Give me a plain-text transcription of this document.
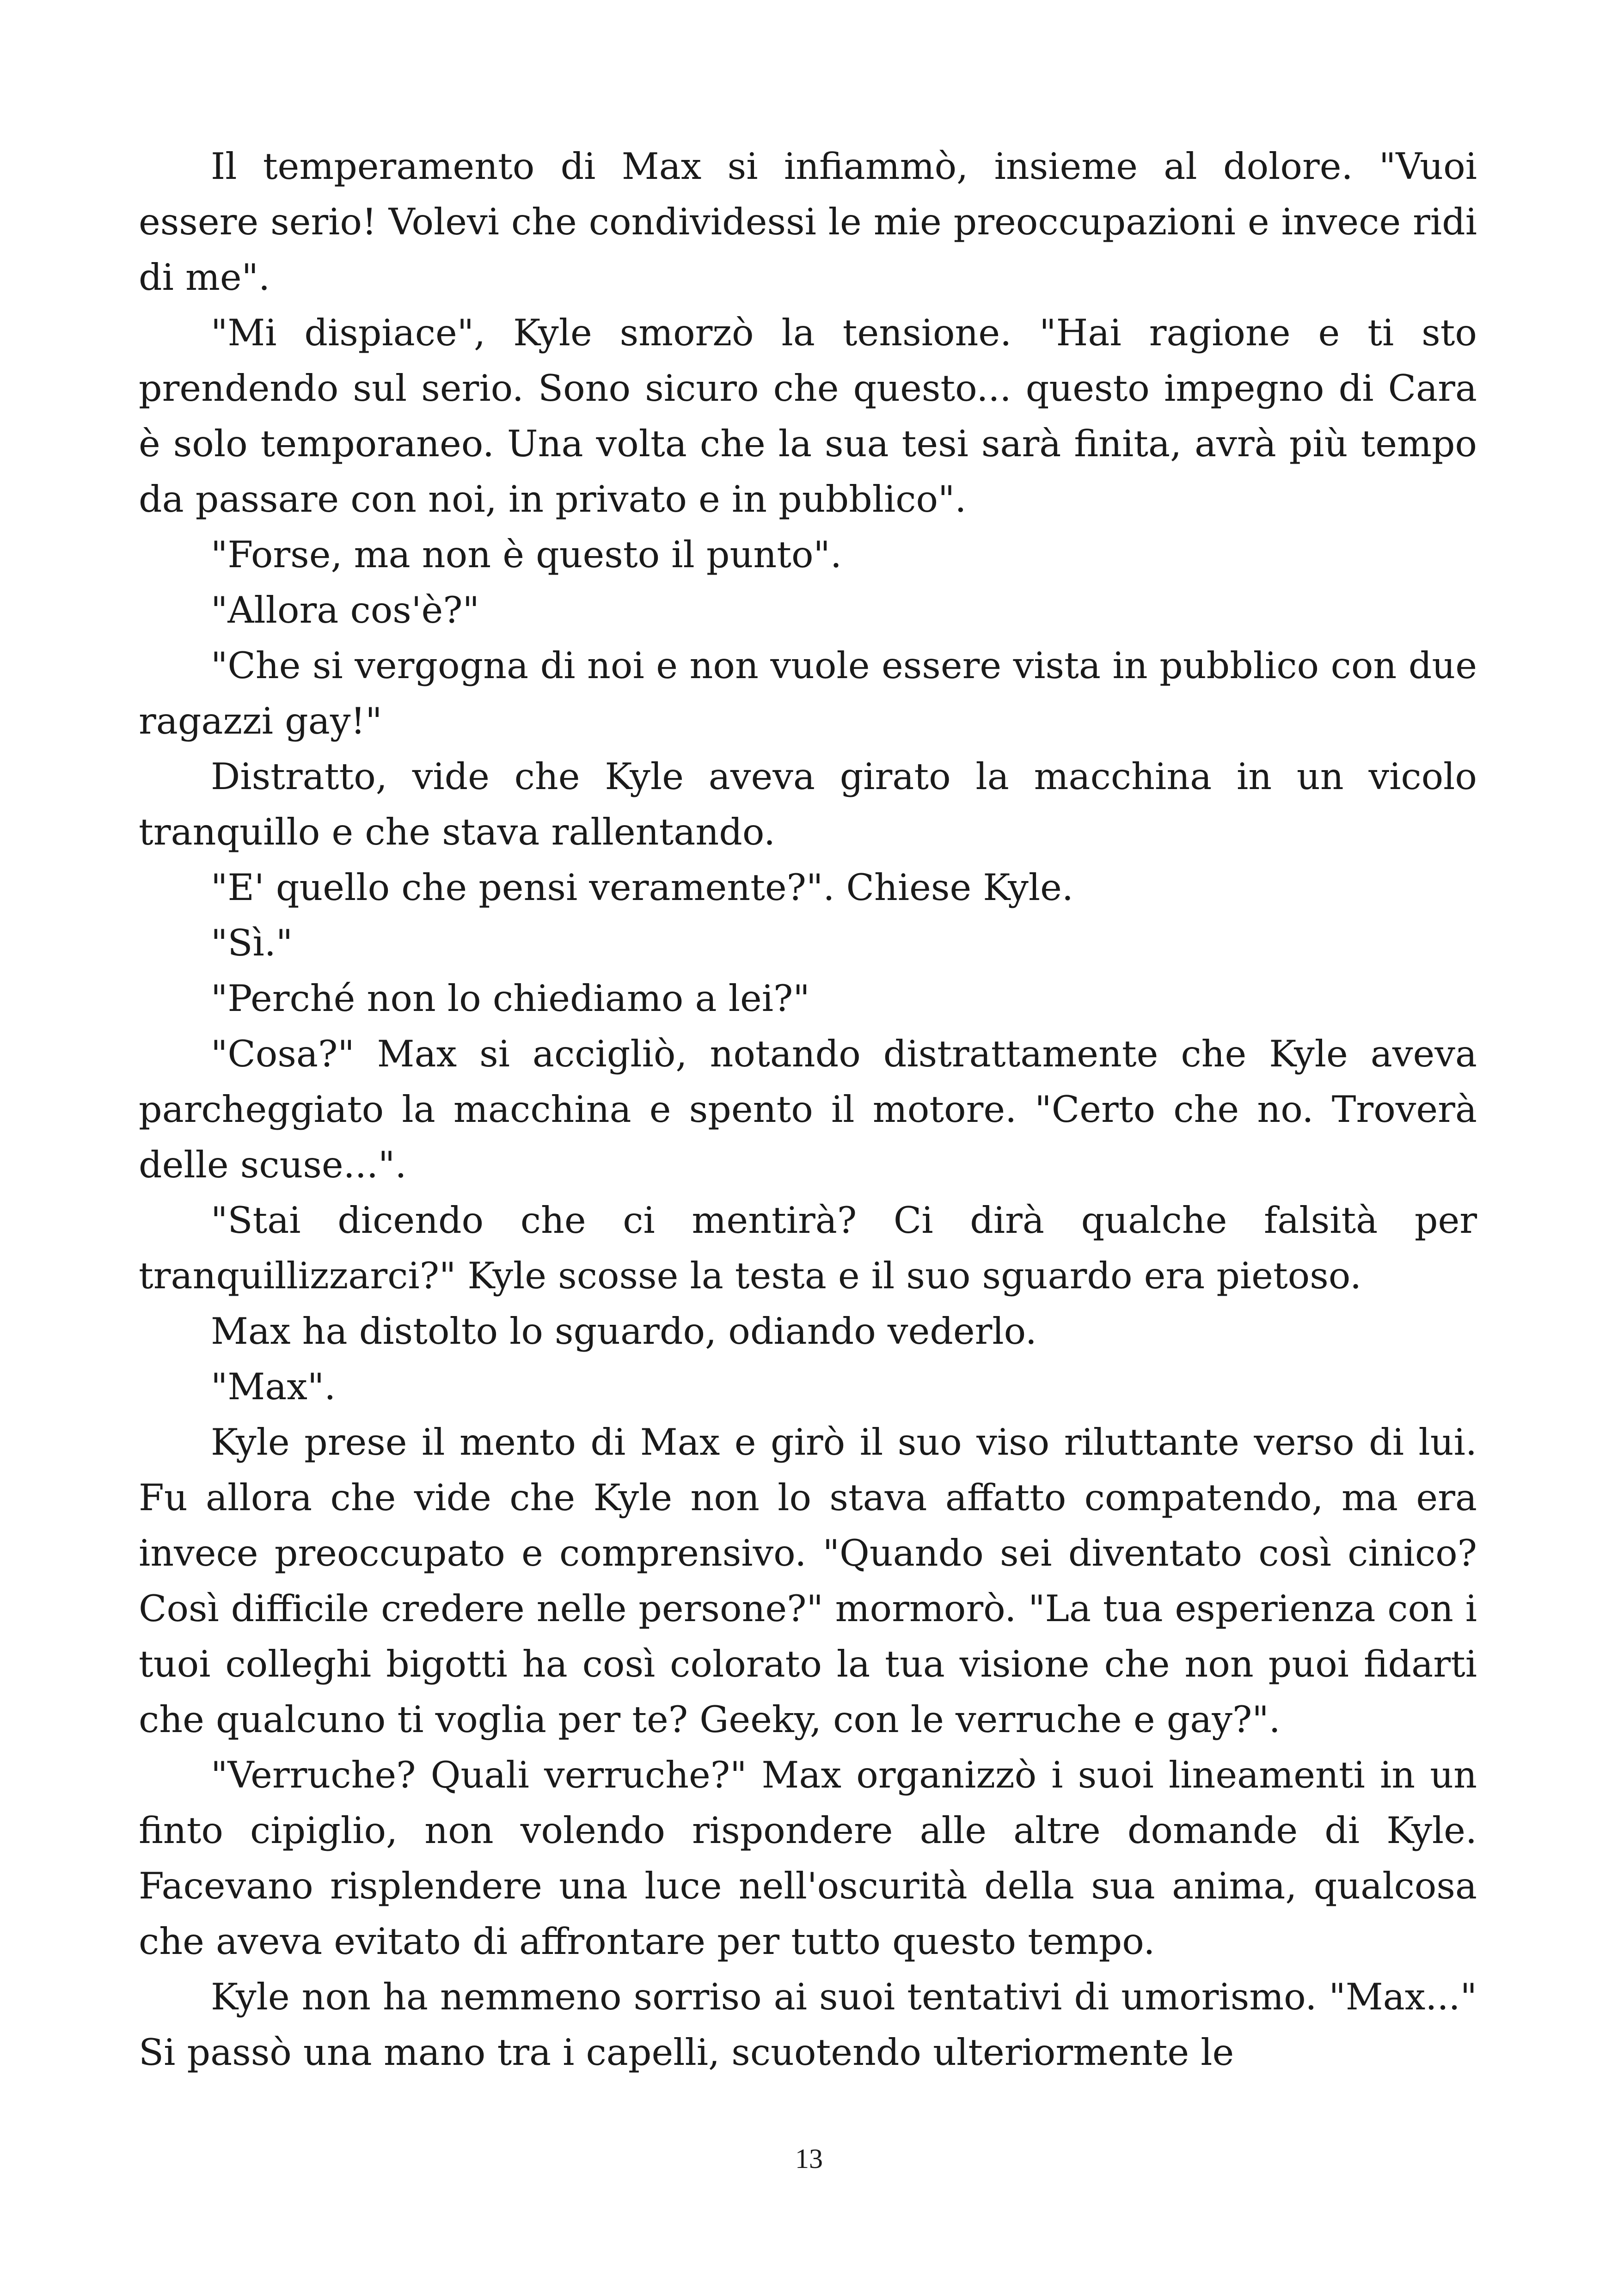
Il temperamento di Max si infiammò, insieme al dolore. "Vuoi essere serio! Volevi che condividessi le mie preoccupazioni e invece ridi di me".

"Mi dispiace", Kyle smorzò la tensione. "Hai ragione e ti sto prendendo sul serio. Sono sicuro che questo... questo impegno di Cara è solo temporaneo. Una volta che la sua tesi sarà finita, avrà più tempo da passare con noi, in privato e in pubblico".

"Forse, ma non è questo il punto".

"Allora cos'è?"

"Che si vergogna di noi e non vuole essere vista in pubblico con due ragazzi gay!"

Distratto, vide che Kyle aveva girato la macchina in un vicolo tranquillo e che stava rallentando.

"E' quello che pensi veramente?". Chiese Kyle.

"Sì."

"Perché non lo chiediamo a lei?"

"Cosa?" Max si accigliò, notando distrattamente che Kyle aveva parcheggiato la macchina e spento il motore. "Certo che no. Troverà delle scuse...".

"Stai dicendo che ci mentirà? Ci dirà qualche falsità per tranquillizzarci?" Kyle scosse la testa e il suo sguardo era pietoso.

Max ha distolto lo sguardo, odiando vederlo.

"Max".

Kyle prese il mento di Max e girò il suo viso riluttante verso di lui. Fu allora che vide che Kyle non lo stava affatto compatendo, ma era invece preoccupato e comprensivo. "Quando sei diventato così cinico? Così difficile credere nelle persone?" mormorò. "La tua esperienza con i tuoi colleghi bigotti ha così colorato la tua visione che non puoi fidarti che qualcuno ti voglia per te? Geeky, con le verruche e gay?".

"Verruche? Quali verruche?" Max organizzò i suoi lineamenti in un finto cipiglio, non volendo rispondere alle altre domande di Kyle. Facevano risplendere una luce nell'oscurità della sua anima, qualcosa che aveva evitato di affrontare per tutto questo tempo.

Kyle non ha nemmeno sorriso ai suoi tentativi di umorismo. "Max..." Si passò una mano tra i capelli, scuotendo ulteriormente le

13
